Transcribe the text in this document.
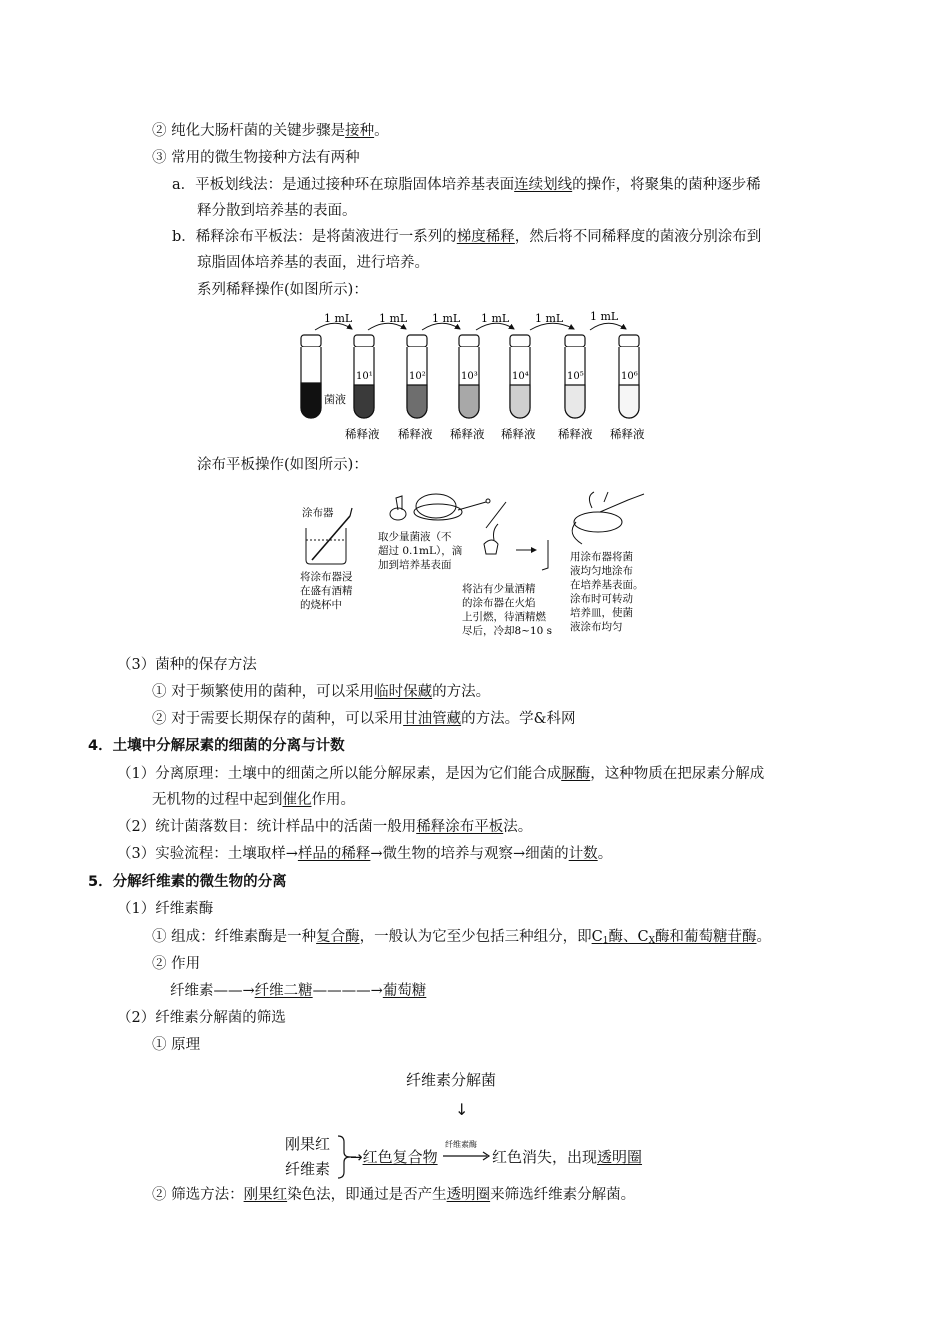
② 纯化大肠杆菌的关键步骤是接种。
③ 常用的微生物接种方法有两种
a．平板划线法：是通过接种环在琼脂固体培养基表面连续划线的操作，将聚集的菌种逐步稀
释分散到培养基的表面。
b．稀释涂布平板法：是将菌液进行一系列的梯度稀释，然后将不同稀释度的菌液分别涂布到
琼脂固体培养基的表面，进行培养。
系列稀释操作(如图所示)：
1 mL 1 mL 1 mL 1 mL 1 mL 1 mL
菌液
10¹	10²	10³	10⁴	10⁵	10⁶
稀释液 稀释液 稀释液 稀释液 稀释液 稀释液
涂布平板操作(如图所示)：
涂布器
将涂布器浸
在盛有酒精
的烧杯中
取少量菌液（不
超过 0.1mL），滴
加到培养基表面
将沾有少量酒精
的涂布器在火焰
上引燃，待酒精燃
尽后，冷却8~10 s
用涂布器将菌
液均匀地涂布
在培养基表面。
涂布时可转动
培养皿，使菌
液涂布均匀
（3）菌种的保存方法
① 对于频繁使用的菌种，可以采用临时保藏的方法。
② 对于需要长期保存的菌种，可以采用甘油管藏的方法。学&科网
4．土壤中分解尿素的细菌的分离与计数
（1）分离原理：土壤中的细菌之所以能分解尿素，是因为它们能合成脲酶，这种物质在把尿素分解成
无机物的过程中起到催化作用。
（2）统计菌落数目：统计样品中的活菌一般用稀释涂布平板法。
（3）实验流程：土壤取样→样品的稀释→微生物的培养与观察→细菌的计数。
5．分解纤维素的微生物的分离
（1）纤维素酶
① 组成：纤维素酶是一种复合酶，一般认为它至少包括三种组分，即$C_1$酶、$C_X$酶和葡萄糖苷酶。
② 作用
纤维素——→纤维二糖————→葡萄糖
（2）纤维素分解菌的筛选
① 原理
纤维素分解菌
↓
刚果红
纤维素
→红色复合物
纤维素酶
→ 红色消失，出现透明圈
② 筛选方法：刚果红染色法，即通过是否产生透明圈来筛选纤维素分解菌。
